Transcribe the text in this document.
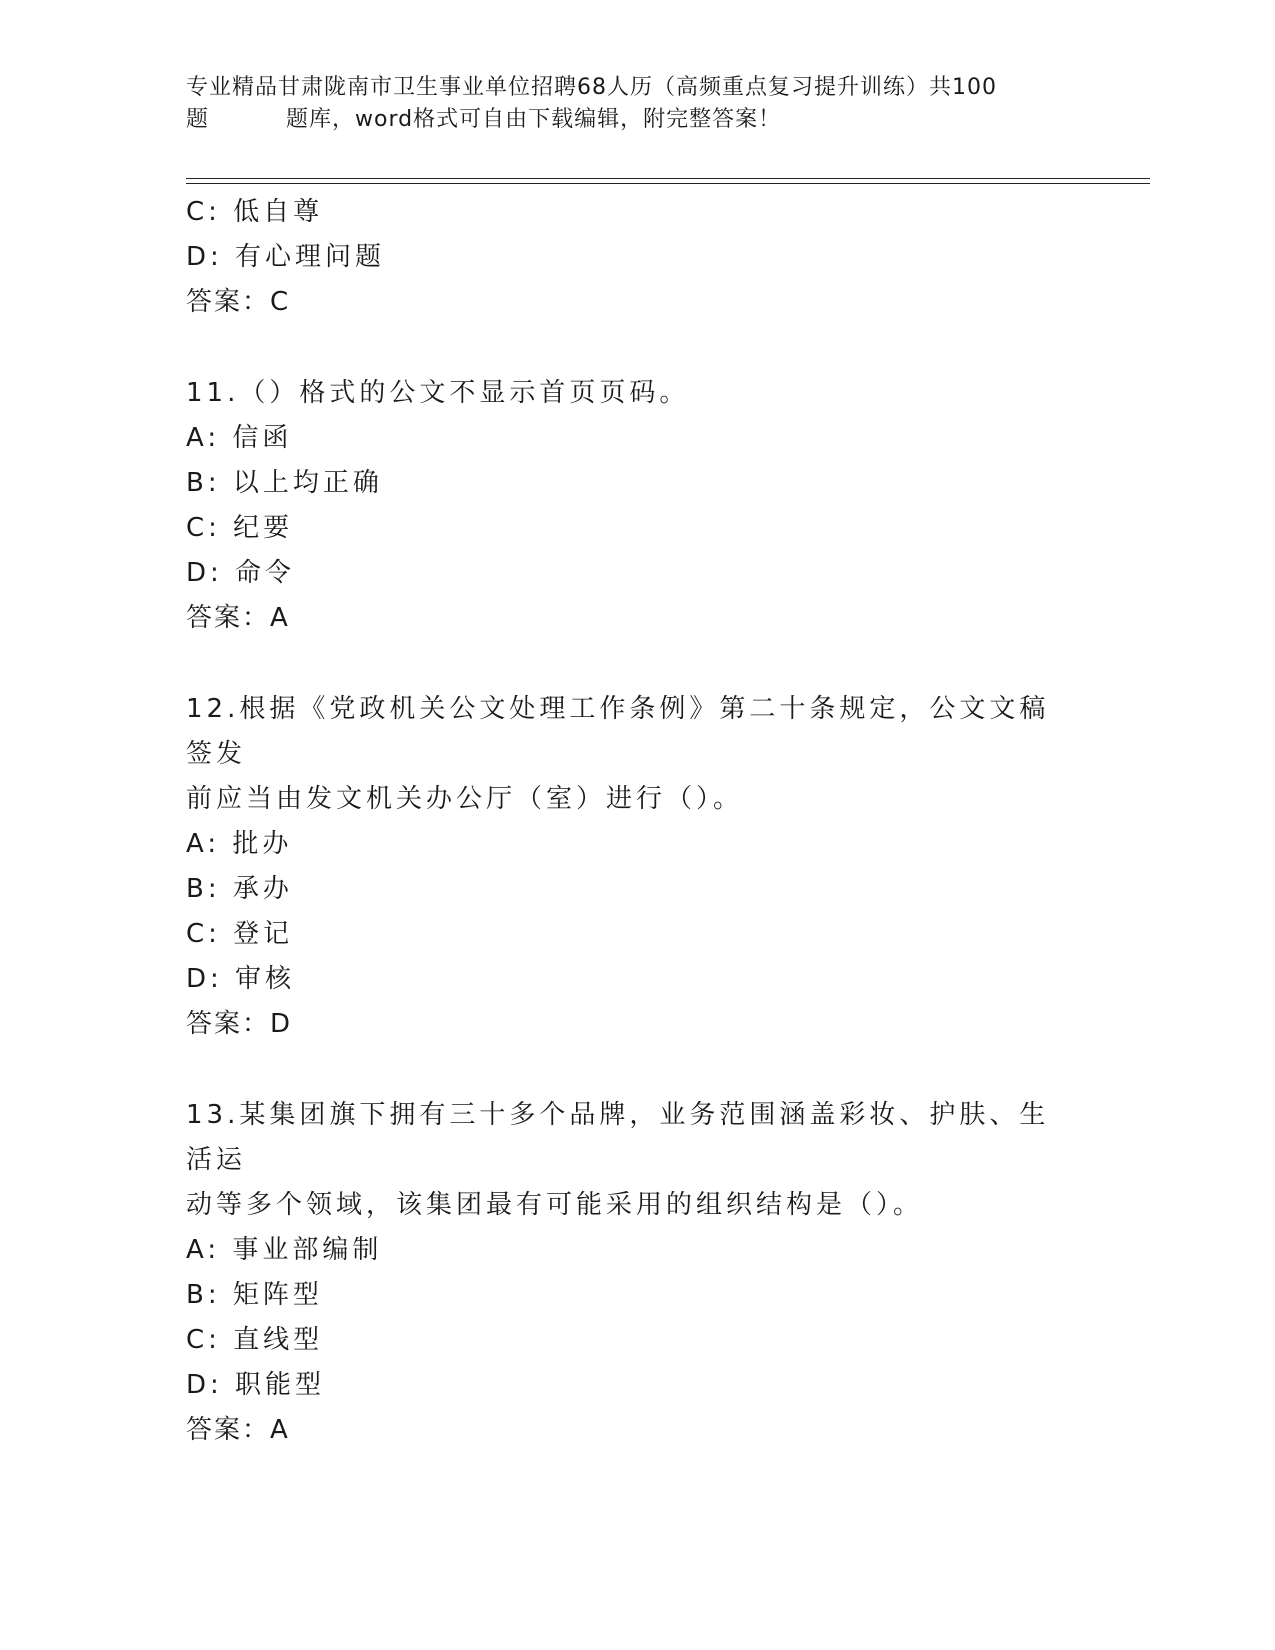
专业精品甘肃陇南市卫生事业单位招聘68人历（高频重点复习提升训练）共100
题	题库，word格式可自由下载编辑，附完整答案！
C: 低自尊
D: 有心理问题
答案：C
11.（）格式的公文不显示首页页码。
A: 信函
B: 以上均正确
C: 纪要
D: 命令
答案：A
12.根据《党政机关公文处理工作条例》第二十条规定，公文文稿签发
前应当由发文机关办公厅（室）进行（）。
A: 批办
B: 承办
C: 登记
D: 审核
答案：D
13.某集团旗下拥有三十多个品牌，业务范围涵盖彩妆、护肤、生活运
动等多个领域，该集团最有可能采用的组织结构是（）。
A: 事业部编制
B: 矩阵型
C: 直线型
D: 职能型
答案：A
